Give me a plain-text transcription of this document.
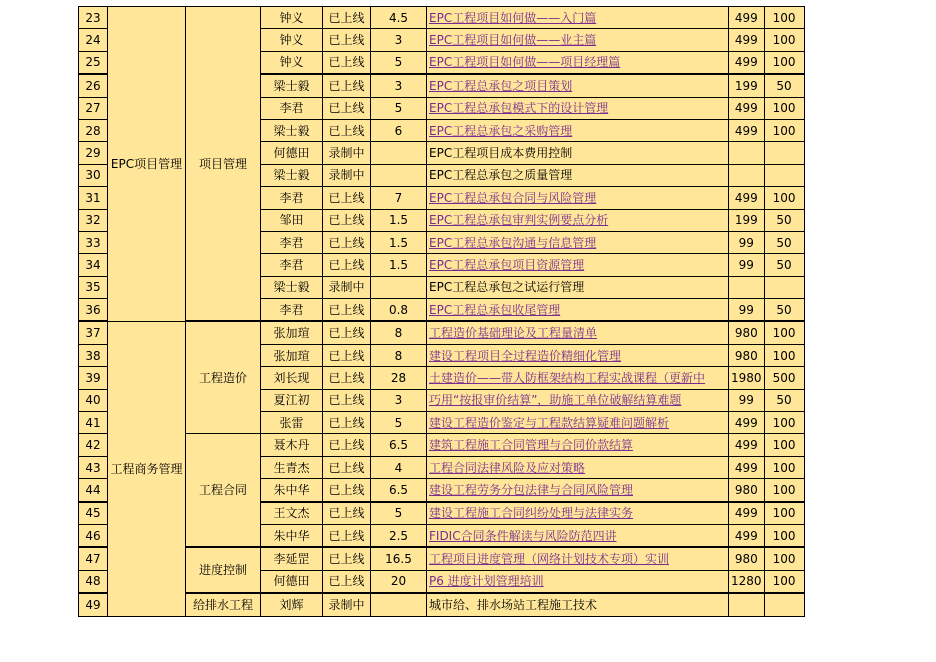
23	EPC项目管理	项目管理	钟义	已上线	4.5	EPC工程项目如何做——入门篇	499	100
24			钟义	已上线	3	EPC工程项目如何做——业主篇	499	100
25			钟义	已上线	5	EPC工程项目如何做——项目经理篇	499	100
26			梁士毅	已上线	3	EPC工程总承包之项目策划	199	50
27			李君	已上线	5	EPC工程总承包模式下的设计管理	499	100
28			梁士毅	已上线	6	EPC工程总承包之采购管理	499	100
29			何德田	录制中		EPC工程项目成本费用控制		
30			梁士毅	录制中		EPC工程总承包之质量管理		
31			李君	已上线	7	EPC工程总承包合同与风险管理	499	100
32			邹田	已上线	1.5	EPC工程总承包审判实例要点分析	199	50
33			李君	已上线	1.5	EPC工程总承包沟通与信息管理	99	50
34			李君	已上线	1.5	EPC工程总承包项目资源管理	99	50
35			梁士毅	录制中		EPC工程总承包之试运行管理		
36			李君	已上线	0.8	EPC工程总承包收尾管理	99	50
37	工程商务管理	工程造价	张加瑄	已上线	8	工程造价基础理论及工程量清单	980	100
38			张加瑄	已上线	8	建设工程项目全过程造价精细化管理	980	100
39			刘长现	已上线	28	土建造价——带人防框架结构工程实战课程（更新中	1980	500
40			夏江初	已上线	3	巧用“按报审价结算”，助施工单位破解结算难题	99	50
41			张雷	已上线	5	建设工程造价鉴定与工程款结算疑难问题解析	499	100
42		工程合同	聂木丹	已上线	6.5	建筑工程施工合同管理与合同价款结算	499	100
43			生青杰	已上线	4	工程合同法律风险及应对策略	499	100
44			朱中华	已上线	6.5	建设工程劳务分包法律与合同风险管理	980	100
45			王文杰	已上线	5	建设工程施工合同纠纷处理与法律实务	499	100
46			朱中华	已上线	2.5	FIDIC合同条件解读与风险防范四讲	499	100
47		进度控制	李延罡	已上线	16.5	工程项目进度管理（网络计划技术专项）实训	980	100
48			何德田	已上线	20	P6 进度计划管理培训	1280	100
49		给排水工程	刘辉	录制中		城市给、排水场站工程施工技术		
